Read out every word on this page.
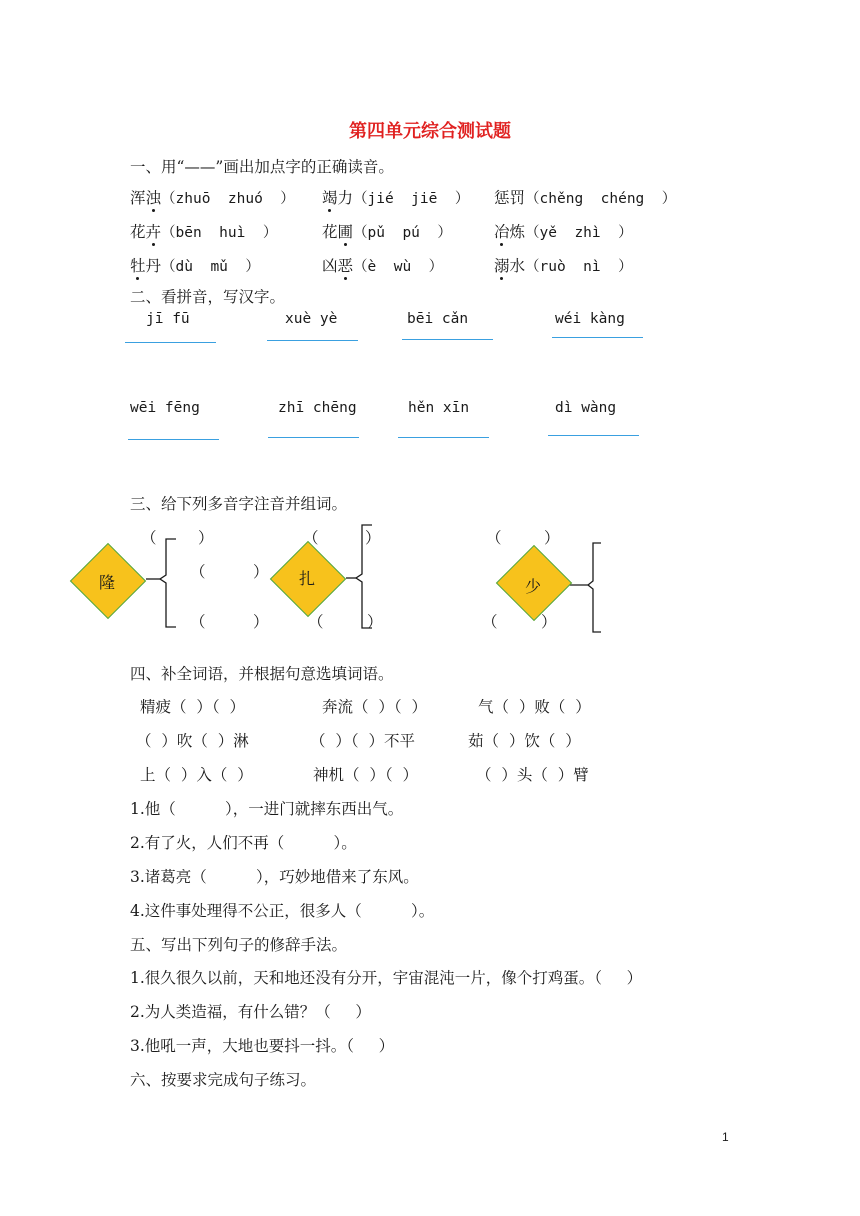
第四单元综合测试题
一、用“——”画出加点字的正确读音。
浑浊（zhuō  zhuó  ） 竭力（jié  jiē  ） 惩罚（chěng  chéng  ）
花卉（bēn  huì  ）	花圃（pǔ  pú  ）	冶炼（yě  zhì  ）
牡丹（dù  mǔ  ）	凶恶（è  wù  ）	溺水（ruò  nì  ）
二、看拼音，写汉字。
jī fū	xuè yè	bēi cǎn	wéi kàng
wēi fēng	zhī chēng	hěn xīn	dì wàng
三、给下列多音字注音并组词。
隆	扎	少
（	）
（	）
（	）
（	）
（	）
（	）
（	）
四、补全词语，并根据句意选填词语。
精疲（  ）（  ）	奔流（  ）（  ）	气（  ）败（  ）
（  ）吹（  ）淋	（  ）（  ）不平	茹（  ）饮（  ）
上（  ）入（  ）	神机（  ）（  ）	（  ）头（  ）臂
1.他（          ），一进门就摔东西出气。
2.有了火，人们不再（          ）。
3.诸葛亮（          ），巧妙地借来了东风。
4.这件事处理得不公正，很多人（          ）。
五、写出下列句子的修辞手法。
1.很久很久以前，天和地还没有分开，宇宙混沌一片，像个打鸡蛋。（     ）
2.为人类造福，有什么错？（     ）
3.他吼一声，大地也要抖一抖。（     ）
六、按要求完成句子练习。
1
